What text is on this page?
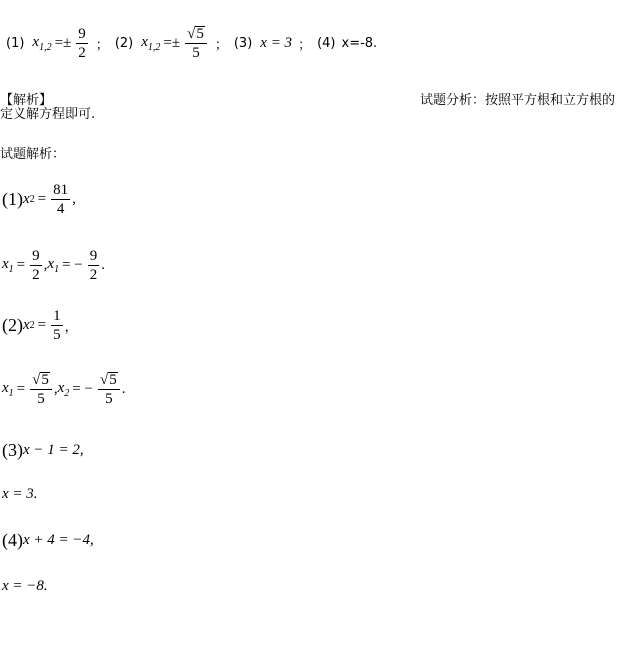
(1) $x_{1,2} =\pm \frac{9}{2}$ ； (2) $x_{1,2} =\pm \frac{√ 5}{5}$ ； (3) x = 3 ； (4) x=-8.
【解析】	试题分析：按照平方根和立方根的
定义解方程即可.
试题解析：
(1) x $2 = \frac{81}{4}$ ,
$x_1 = \frac{9}{2}$ , $x_1$ = − $\frac{9}{2}$ .
(2) x $2 = \frac{1}{5}$ ，
$x_1 = \frac{√ 5}{5}$ , $x_2$ = − $\frac{√ 5}{5}$ .
(3) x − 1 = 2,
x = 3.
(4) x + 4 = −4,
x = −8.
